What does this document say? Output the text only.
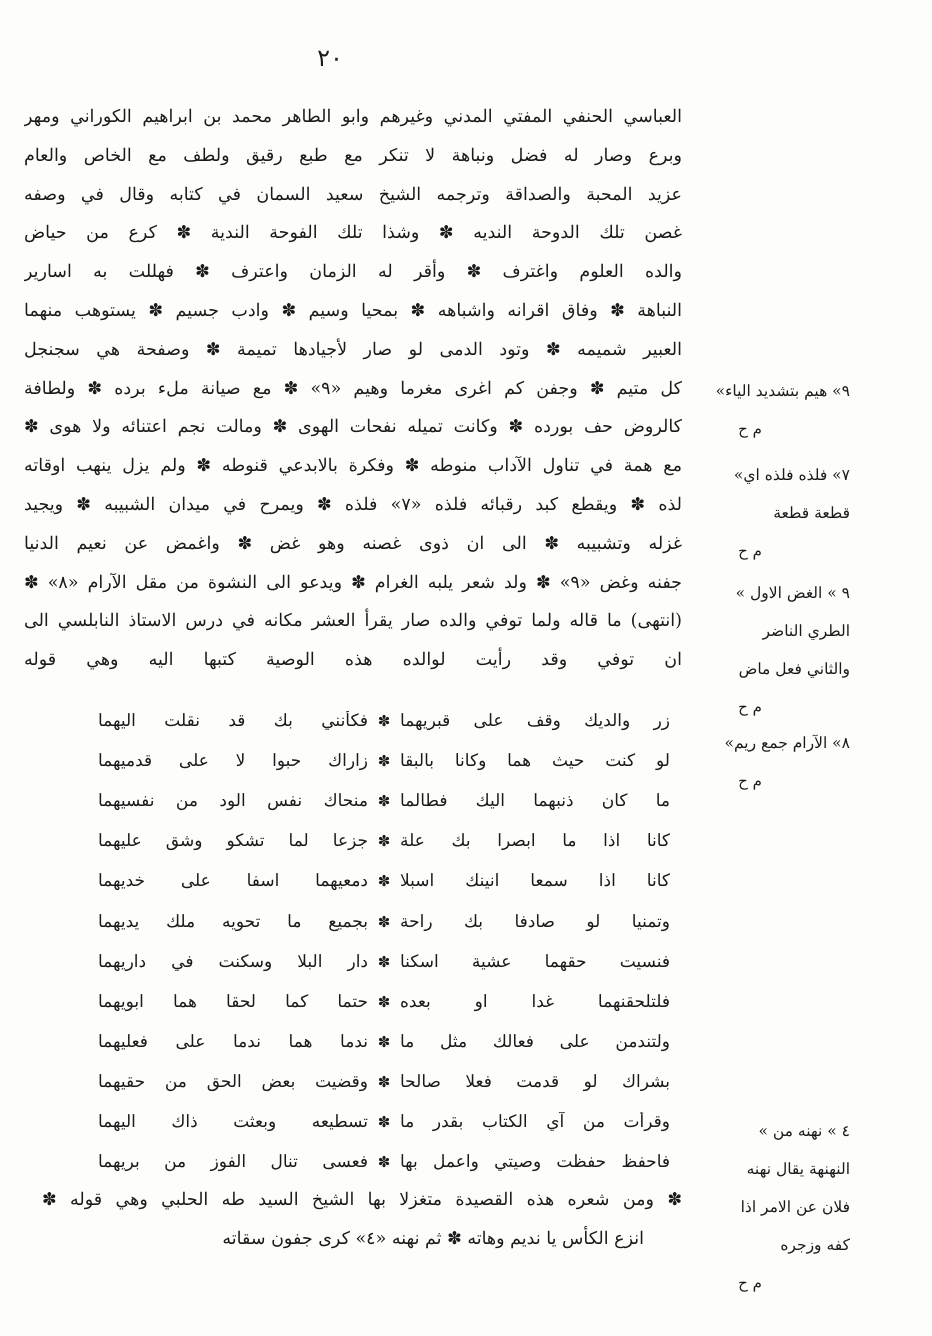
٢٠
العباسي الحنفي المفتي المدني وغيرهم وابو الطاهر محمد بن ابراهيم الكوراني ومهر
وبرع وصار له فضل ونباهة لا تنكر مع طبع رقيق ولطف مع الخاص والعام
عزيد المحبة والصداقة وترجمه الشيخ سعيد السمان في كتابه وقال في وصفه
غصن تلك الدوحة النديه ✽ وشذا تلك الفوحة الندية ✽ كرع من حياض
والده العلوم واغترف ✽ وأقر له الزمان واعترف ✽ فهللت به اسارير
النباهة ✽ وفاق اقرانه واشباهه ✽ بمحيا وسيم ✽ وادب جسيم ✽ يستوهب منهما
العبير شميمه ✽ وتود الدمى لو صار لأجيادها تميمة ✽ وصفحة هي سجنجل
كل متيم ✽ وجفن كم اغرى مغرما وهيم «٩» ✽ مع صيانة ملء برده ✽ ولطافة
كالروض حف بورده ✽ وكانت تميله نفحات الهوى ✽ ومالت نجم اعتنائه ولا هوى ✽
مع همة في تناول الآداب منوطه ✽ وفكرة بالابدعي قنوطه ✽ ولم يزل ينهب اوقاته
لذه ✽ ويقطع كبد رقبائه فلذه «٧» فلذه ✽ ويمرح في ميدان الشبيبه ✽ ويجيد
غزله وتشبيبه ✽ الى ان ذوى غصنه وهو غض ✽ واغمض عن نعيم الدنيا
جفنه وغض «٩» ✽ ولد شعر يلبه الغرام ✽ ويدعو الى النشوة من مقل الآرام «٨» ✽
(انتهى) ما قاله ولما توفي والده صار يقرأ العشر مكانه في درس الاستاذ النابلسي الى
ان توفي وقد رأيت لوالده هذه الوصية كتبها اليه وهي قوله
زر والديك وقف على قبريهما
✽
فكأنني بك قد نقلت اليهما
لو كنت حيث هما وكانا بالبقا
✽
زاراك حبوا لا على قدميهما
ما كان ذنبهما اليك فطالما
✽
منحاك نفس الود من نفسيهما
كانا اذا ما ابصرا بك علة
✽
جزعا لما تشكو وشق عليهما
كانا اذا سمعا انينك اسبلا
✽
دمعيهما اسفا على خديهما
وتمنيا لو صادفا بك راحة
✽
بجميع ما تحويه ملك يديهما
فنسيت حقهما عشية اسكنا
✽
دار البلا وسكنت في داريهما
فلتلحقنهما غدا او بعده
✽
حتما كما لحقا هما ابويهما
ولتندمن على فعالك مثل ما
✽
ندما هما ندما على فعليهما
بشراك لو قدمت فعلا صالحا
✽
وقضيت بعض الحق من حقيهما
وقرأت من آي الكتاب بقدر ما
✽
تسطيعه وبعثت ذاك اليهما
فاحفظ حفظت وصيتي واعمل بها
✽
فعسى تنال الفوز من بريهما
✽ ومن شعره هذه القصيدة متغزلا بها الشيخ السيد طه الحلبي وهي قوله ✽
انزع الكأس يا نديم وهاته ✽ ثم نهنه «٤» كرى جفون سقاته
«٩» هيم بتشديد الياء
م ح
«٧» فلذه فلذه اي
قطعة قطعة
م ح
« ٩ » الغض الاول
الطري الناضر
والثاني فعل ماض
م ح
«٨» الآرام جمع ريم
م ح
« ٤ » نهنه من
النهنهة يقال نهنه
فلان عن الامر اذا
كفه وزجره
م ح
